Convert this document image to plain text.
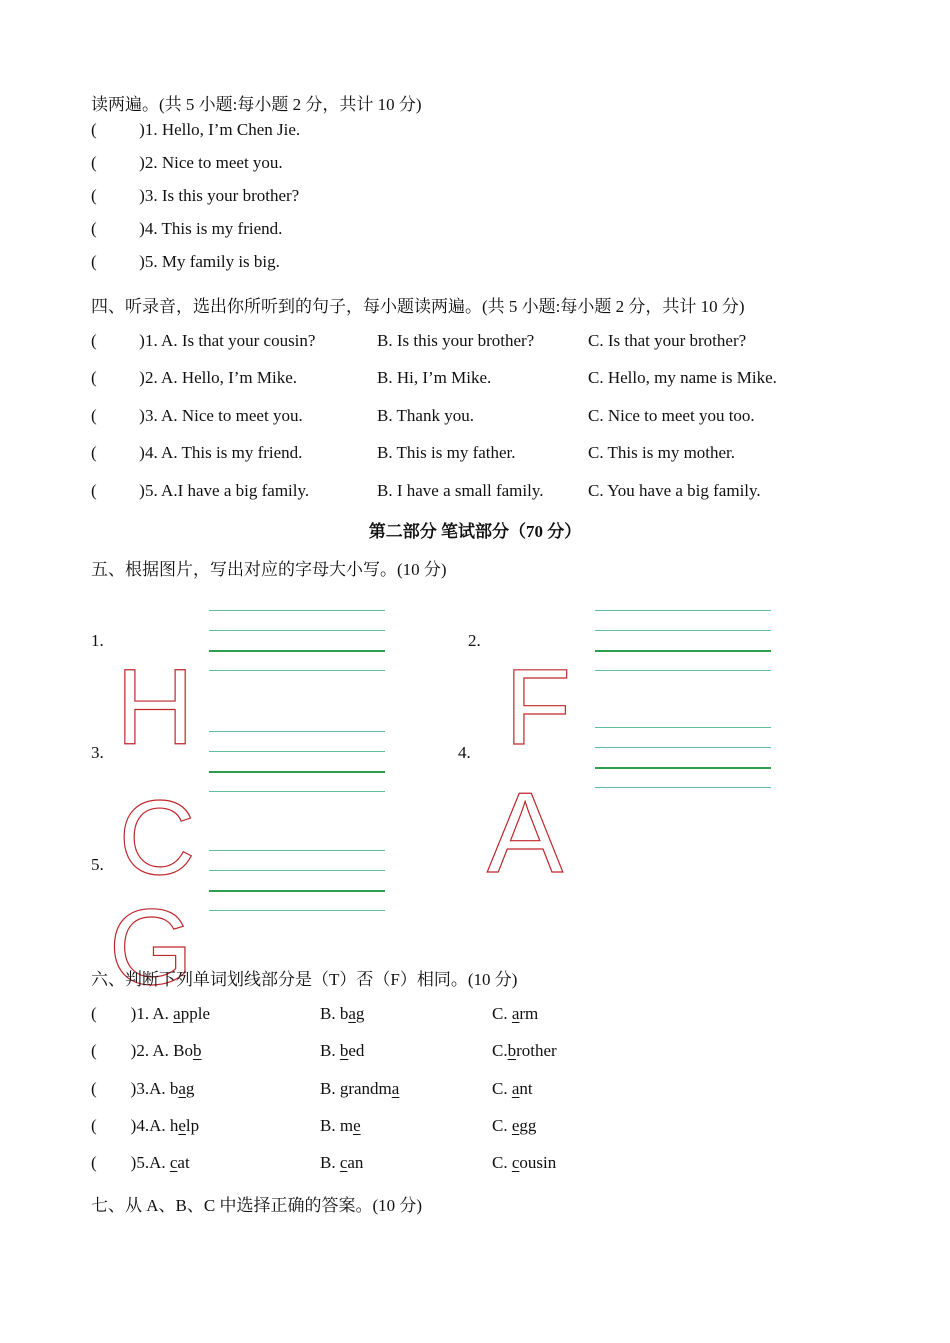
读两遍。(共 5 小题:每小题 2 分，共计 10 分)
(          )1. Hello, I’m Chen Jie.
(          )2. Nice to meet you.
(          )3. Is this your brother?
(          )4. This is my friend.
(          )5. My family is big.
四、听录音，选出你所听到的句子，每小题读两遍。(共 5 小题:每小题 2 分，共计 10 分)
(          ) 1. A. Is that your cousin?	B. Is this your brother?	C. Is that your brother?
(          ) 2. A. Hello, I’m Mike.	B. Hi, I’m Mike.	C. Hello, my name is Mike.
(          ) 3. A. Nice to meet you.	B. Thank you.	C. Nice to meet you too.
(          ) 4. A. This is my friend.	B. This is my father.	C. This is my mother.
(          ) 5. A.I have a big family.	B. I have a small family.	C. You have a big family.
第二部分 笔试部分（70 分）
五、根据图片，写出对应的字母大小写。(10 分)
1.	2.
3.	4.
5.
H	F
C	A
G
六、判断下列单词划线部分是（T）否（F）相同。(10 分)
(        )1. A. apple	B. bag	C. arm
(        )2. A. Bob	B. bed	C.brother
(        )3.A. bag	B. grandma	C. ant
(        )4.A. help	B. me	C. egg
(        )5.A. cat	B. can	C. cousin
七、从 A、B、C 中选择正确的答案。(10 分)
